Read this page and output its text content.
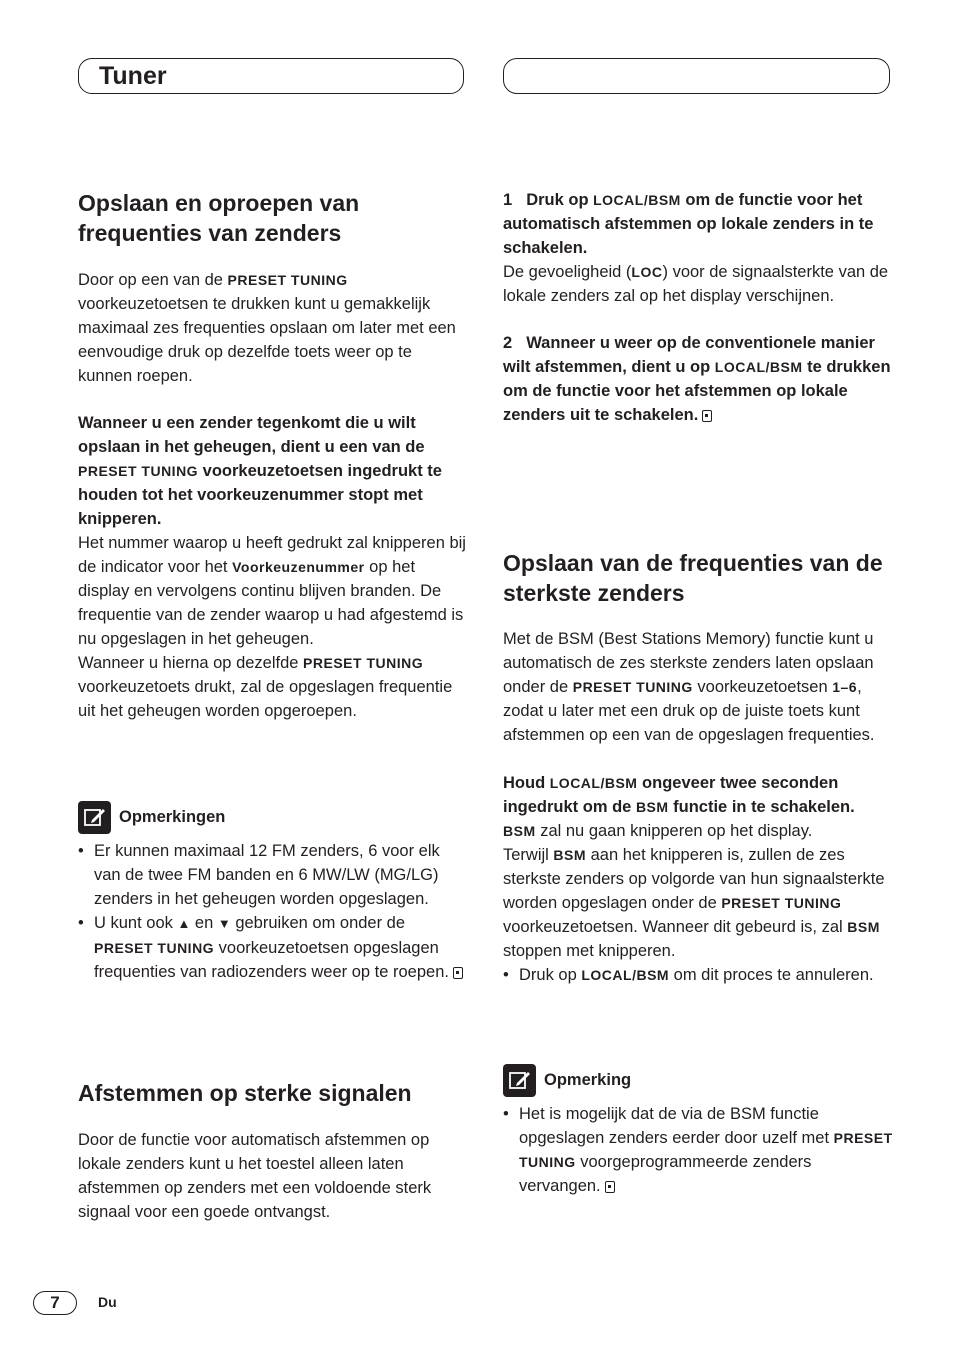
Tuner
Opslaan en oproepen van frequenties van zenders

Door op een van de PRESET TUNING voorkeuzetoetsen te drukken kunt u gemakkelijk maximaal zes frequenties opslaan om later met een eenvoudige druk op dezelfde toets weer op te kunnen roepen.

Wanneer u een zender tegenkomt die u wilt opslaan in het geheugen, dient u een van de PRESET TUNING voorkeuzetoetsen ingedrukt te houden tot het voorkeuzenummer stopt met knipperen.

Het nummer waarop u heeft gedrukt zal knipperen bij de indicator voor het Voorkeuzenummer op het display en vervolgens continu blijven branden. De frequentie van de zender waarop u had afgestemd is nu opgeslagen in het geheugen.

Wanneer u hierna op dezelfde PRESET TUNING voorkeuzetoets drukt, zal de opgeslagen frequentie uit het geheugen worden opgeroepen.

Opmerkingen
• Er kunnen maximaal 12 FM zenders, 6 voor elk van de twee FM banden en 6 MW/LW (MG/LG) zenders in het geheugen worden opgeslagen.
• U kunt ook ▲ en ▼ gebruiken om onder de PRESET TUNING voorkeuzetoetsen opgeslagen frequenties van radiozenders weer op te roepen.
Afstemmen op sterke signalen

Door de functie voor automatisch afstemmen op lokale zenders kunt u het toestel alleen laten afstemmen op zenders met een voldoende sterk signaal voor een goede ontvangst.

1 Druk op LOCAL/BSM om de functie voor het automatisch afstemmen op lokale zenders in te schakelen.

De gevoeligheid (LOC) voor de signaalsterkte van de lokale zenders zal op het display verschijnen.

2 Wanneer u weer op de conventionele manier wilt afstemmen, dient u op LOCAL/BSM te drukken om de functie voor het afstemmen op lokale zenders uit te schakelen.

Opslaan van de frequenties van de sterkste zenders

Met de BSM (Best Stations Memory) functie kunt u automatisch de zes sterkste zenders laten opslaan onder de PRESET TUNING voorkeuzetoetsen 1–6, zodat u later met een druk op de juiste toets kunt afstemmen op een van de opgeslagen frequenties.

Houd LOCAL/BSM ongeveer twee seconden ingedrukt om de BSM functie in te schakelen.

BSM zal nu gaan knipperen op het display.

Terwijl BSM aan het knipperen is, zullen de zes sterkste zenders op volgorde van hun signaalsterkte worden opgeslagen onder de PRESET TUNING voorkeuzetoetsen. Wanneer dit gebeurd is, zal BSM stoppen met knipperen.

• Druk op LOCAL/BSM om dit proces te annuleren.
Opmerking
• Het is mogelijk dat de via de BSM functie opgeslagen zenders eerder door uzelf met PRESET TUNING voorgeprogrammeerde zenders vervangen.
7	Du
